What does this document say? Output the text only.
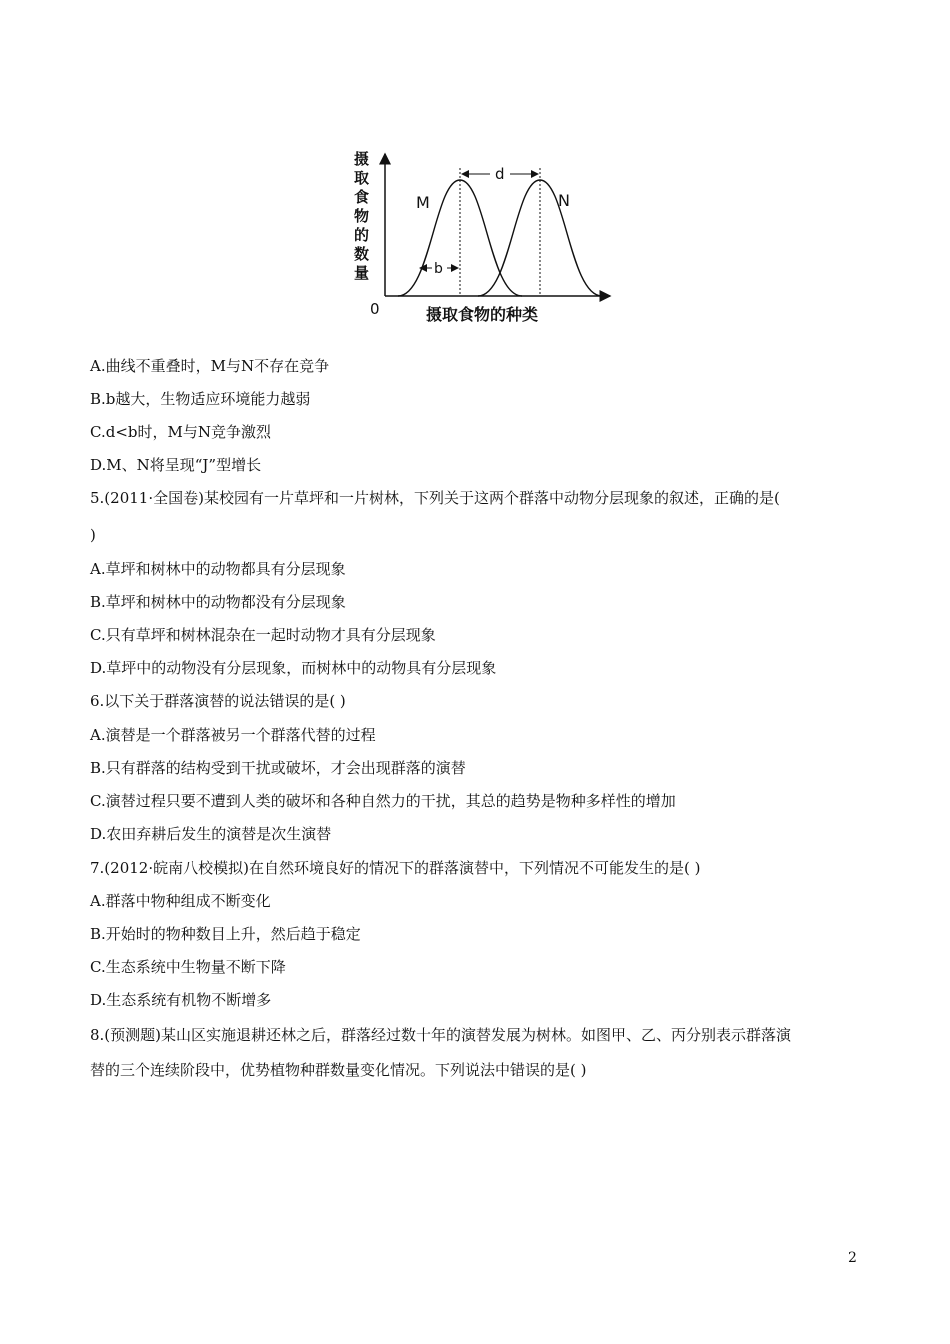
摄取食物的数量
0	摄取食物的种类
d
b
M	N
A.曲线不重叠时，M与N不存在竞争
B.b越大，生物适应环境能力越弱
C.d<b时，M与N竞争激烈
D.M、N将呈现“J”型增长
5.(2011·全国卷)某校园有一片草坪和一片树林，下列关于这两个群落中动物分层现象的叙述，正确的是(
)
A.草坪和树林中的动物都具有分层现象
B.草坪和树林中的动物都没有分层现象
C.只有草坪和树林混杂在一起时动物才具有分层现象
D.草坪中的动物没有分层现象，而树林中的动物具有分层现象
6.以下关于群落演替的说法错误的是( )
A.演替是一个群落被另一个群落代替的过程
B.只有群落的结构受到干扰或破坏，才会出现群落的演替
C.演替过程只要不遭到人类的破坏和各种自然力的干扰，其总的趋势是物种多样性的增加
D.农田弃耕后发生的演替是次生演替
7.(2012·皖南八校模拟)在自然环境良好的情况下的群落演替中，下列情况不可能发生的是( )
A.群落中物种组成不断变化
B.开始时的物种数目上升，然后趋于稳定
C.生态系统中生物量不断下降
D.生态系统有机物不断增多
8.(预测题)某山区实施退耕还林之后，群落经过数十年的演替发展为树林。如图甲、乙、丙分别表示群落演
替的三个连续阶段中，优势植物种群数量变化情况。下列说法中错误的是( )
2
